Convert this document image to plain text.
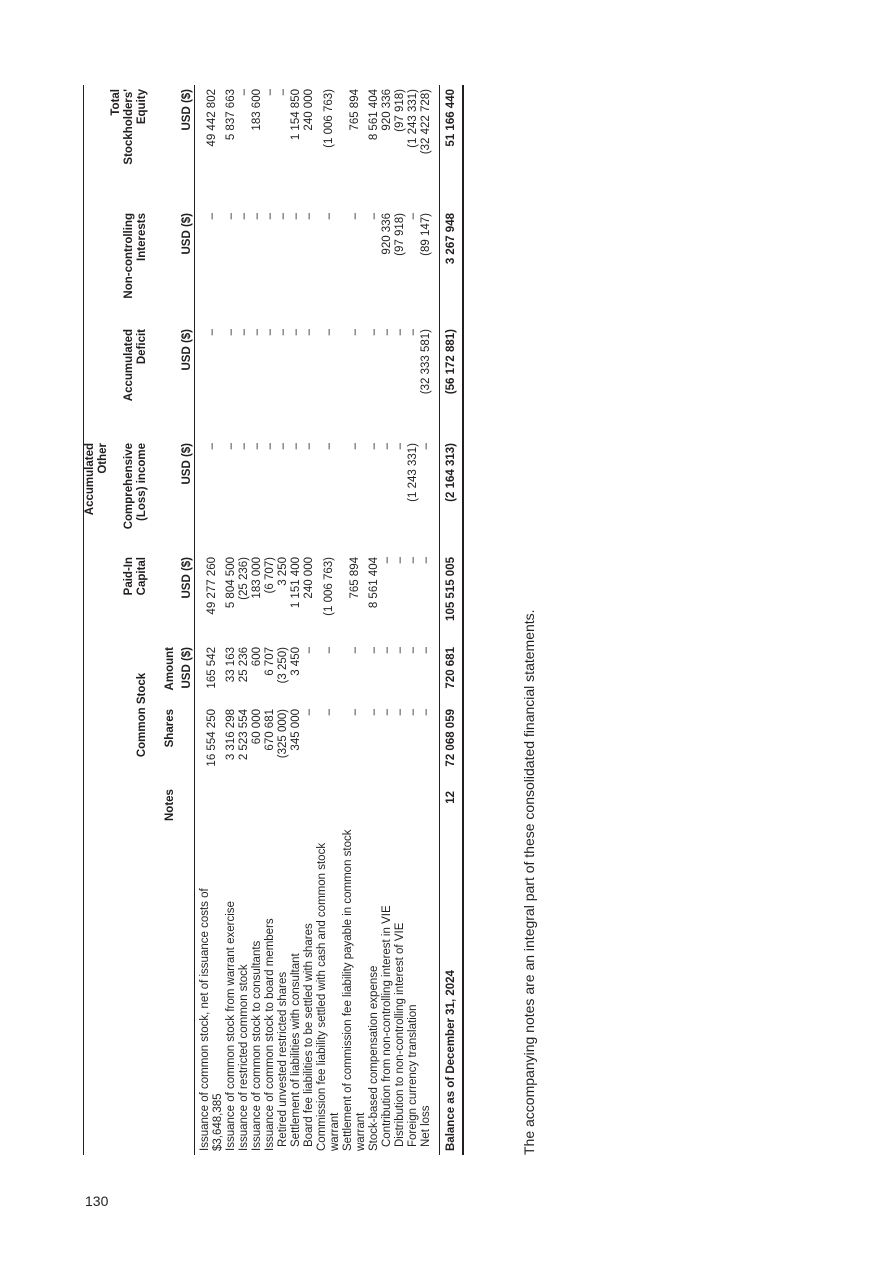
130
					Accumulated
Other			
		Common Stock		Paid-In
Capital	Comprehensive
(Loss) income	Accumulated
Deficit	Non-controlling
Interests	Total
Stockholders'
Equity
	Notes	Shares	Amount					
			USD ($)	USD ($)	USD ($)	USD ($)	USD ($)	USD ($)
Issuance of common stock, net of issuance costs of $3,648,385		16 554 250	165 542	49 277 260	–	–	–	49 442 802
Issuance of common stock from warrant exercise		3 316 298	33 163	5 804 500	–	–	–	5 837 663
Issuance of restricted common stock		2 523 554	25 236	(25 236)	–	–	–	–
Issuance of common stock to consultants		60 000	600	183 000	–	–	–	183 600
Issuance of common stock to board members		670 681	6 707	(6 707)	–	–	–	–
Retired unvested restricted shares		(325 000)	(3 250)	3 250	–	–	–	–
Settlement of liabilities with consultant		345 000	3 450	1 151 400	–	–	–	1 154 850
Board fee liabilities to be settled with shares		–	–	240 000	–	–	–	240 000
Commission fee liability settled with cash and common stock warrant		–	–	(1 006 763)	–	–	–	(1 006 763)
Settlement of commission fee liability payable in common stock warrant		–	–	765 894	–	–	–	765 894
Stock-based compensation expense		–	–	8 561 404	–	–	–	8 561 404
Contribution from non-controlling interest in VIE		–	–	–	–	–	920 336	920 336
Distribution to non-controlling interest of VIE		–	–	–	–	–	(97 918)	(97 918)
Foreign currency translation		–	–	–	(1 243 331)	–	–	(1 243 331)
Net loss		–	–	–	–	(32 333 581)	(89 147)	(32 422 728)

Balance as of December 31, 2024	12	72 068 059	720 681	105 515 005	(2 164 313)	(56 172 881)	3 267 948	51 166 440
The accompanying notes are an integral part of these consolidated financial statements.
